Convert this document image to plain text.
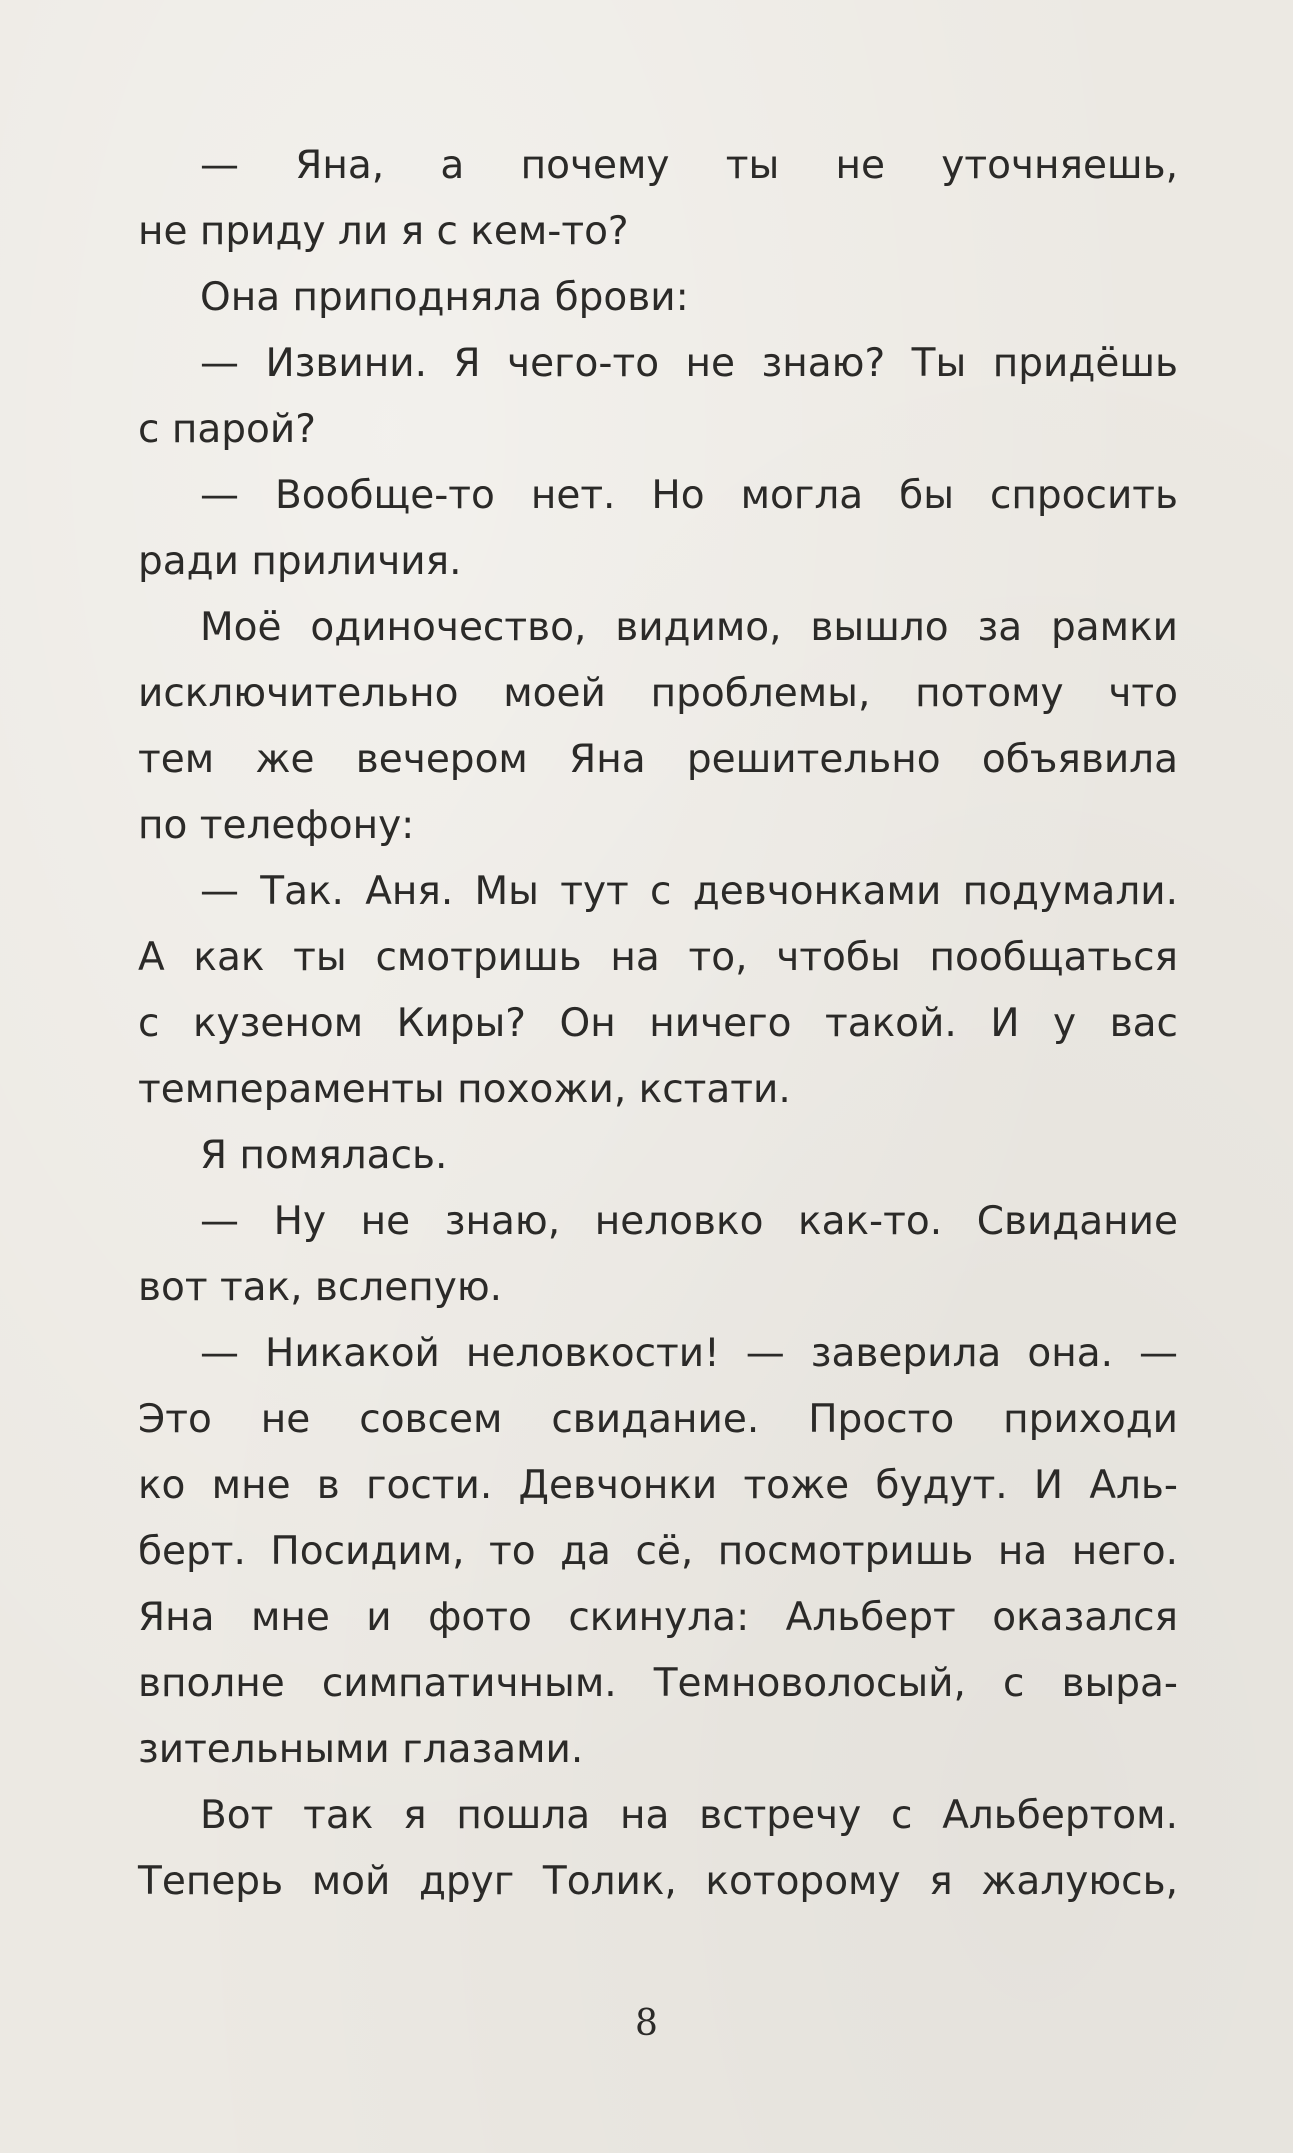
— Яна, а почему ты не уточняешь,
не приду ли я с кем-то?
Она приподняла брови:
— Извини. Я чего-то не знаю? Ты придёшь
с парой?
— Вообще-то нет. Но могла бы спросить
ради приличия.
Моё одиночество, видимо, вышло за рамки
исключительно моей проблемы, потому что
тем же вечером Яна решительно объявила
по телефону:
— Так. Аня. Мы тут с девчонками подумали.
А как ты смотришь на то, чтобы пообщаться
с кузеном Киры? Он ничего такой. И у вас
темпераменты похожи, кстати.
Я помялась.
— Ну не знаю, неловко как-то. Свидание
вот так, вслепую.
— Никакой неловкости! — заверила она. —
Это не совсем свидание. Просто приходи
ко мне в гости. Девчонки тоже будут. И Аль-
берт. Посидим, то да сё, посмотришь на него.
Яна мне и фото скинула: Альберт оказался
вполне симпатичным. Темноволосый, с выра-
зительными глазами.
Вот так я пошла на встречу с Альбертом.
Теперь мой друг Толик, которому я жалуюсь,
8
